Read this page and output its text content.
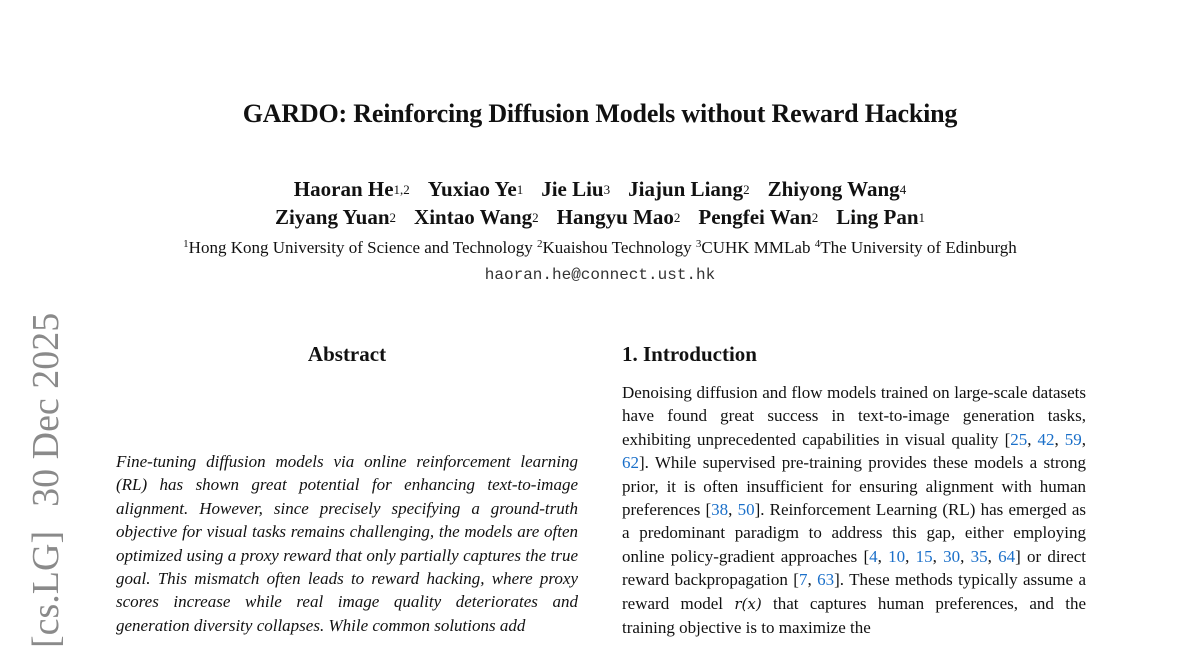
[cs.LG]30 Dec 2025
GARDO: Reinforcing Diffusion Models without Reward Hacking
Haoran He$^{1,2}$ Yuxiao Ye$^1$ Jie Liu$^3$ Jiajun Liang$^2$ Zhiyong Wang$^4$
Ziyang Yuan$^2$ Xintao Wang$^2$ Hangyu Mao$^2$ Pengfei Wan$^2$ Ling Pan$^1$
$^1$Hong Kong University of Science and Technology $^2$Kuaishou Technology $^3$CUHK MMLab $^4$The University of Edinburgh
haoran.he@connect.ust.hk
Abstract	1. Introduction
Fine-tuning diffusion models via online reinforcement learning (RL) has shown great potential for enhancing text-to-image alignment. However, since precisely specifying a ground-truth objective for visual tasks remains challenging, the models are often optimized using a proxy reward that only partially captures the true goal. This mismatch often leads to reward hacking, where proxy scores increase while real image quality deteriorates and generation diversity collapses. While common solutions add
Denoising diffusion and flow models trained on large-scale datasets have found great success in text-to-image generation tasks, exhibiting unprecedented capabilities in visual quality [25, 42, 59, 62]. While supervised pre-training provides these models a strong prior, it is often insufficient for ensuring alignment with human preferences [38, 50]. Reinforcement Learning (RL) has emerged as a predominant paradigm to address this gap, either employing online policy-gradient approaches [4, 10, 15, 30, 35, 64] or direct reward backpropagation [7, 63]. These methods typically assume a reward model r(x) that captures human preferences, and the training objective is to maximize the
